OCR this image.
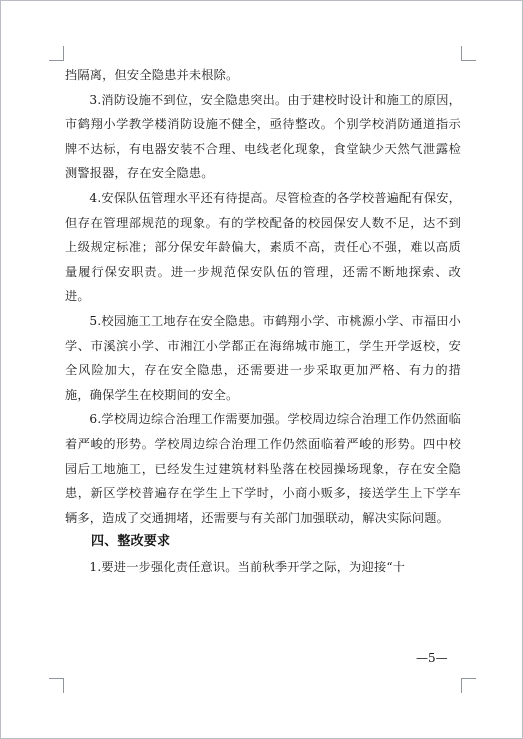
挡隔离，但安全隐患并未根除。

3.消防设施不到位，安全隐患突出。由于建校时设计和施工的原因，市鹤翔小学教学楼消防设施不健全，亟待整改。个别学校消防通道指示牌不达标，有电器安装不合理、电线老化现象，食堂缺少天然气泄露检测警报器，存在安全隐患。

4.安保队伍管理水平还有待提高。尽管检查的各学校普遍配有保安，但存在管理部规范的现象。有的学校配备的校园保安人数不足，达不到上级规定标准；部分保安年龄偏大，素质不高，责任心不强，难以高质量履行保安职责。进一步规范保安队伍的管理，还需不断地探索、改进。

5.校园施工工地存在安全隐患。市鹤翔小学、市桃源小学、市福田小学、市溪滨小学、市湘江小学都正在海绵城市施工，学生开学返校，安全风险加大，存在安全隐患，还需要进一步采取更加严格、有力的措施，确保学生在校期间的安全。

6.学校周边综合治理工作需要加强。学校周边综合治理工作仍然面临着严峻的形势。学校周边综合治理工作仍然面临着严峻的形势。四中校园后工地施工，已经发生过建筑材料坠落在校园操场现象，存在安全隐患，新区学校普遍存在学生上下学时，小商小贩多，接送学生上下学车辆多，造成了交通拥堵，还需要与有关部门加强联动，解决实际问题。

四、整改要求

1.要进一步强化责任意识。当前秋季开学之际，为迎接“十

—5—
